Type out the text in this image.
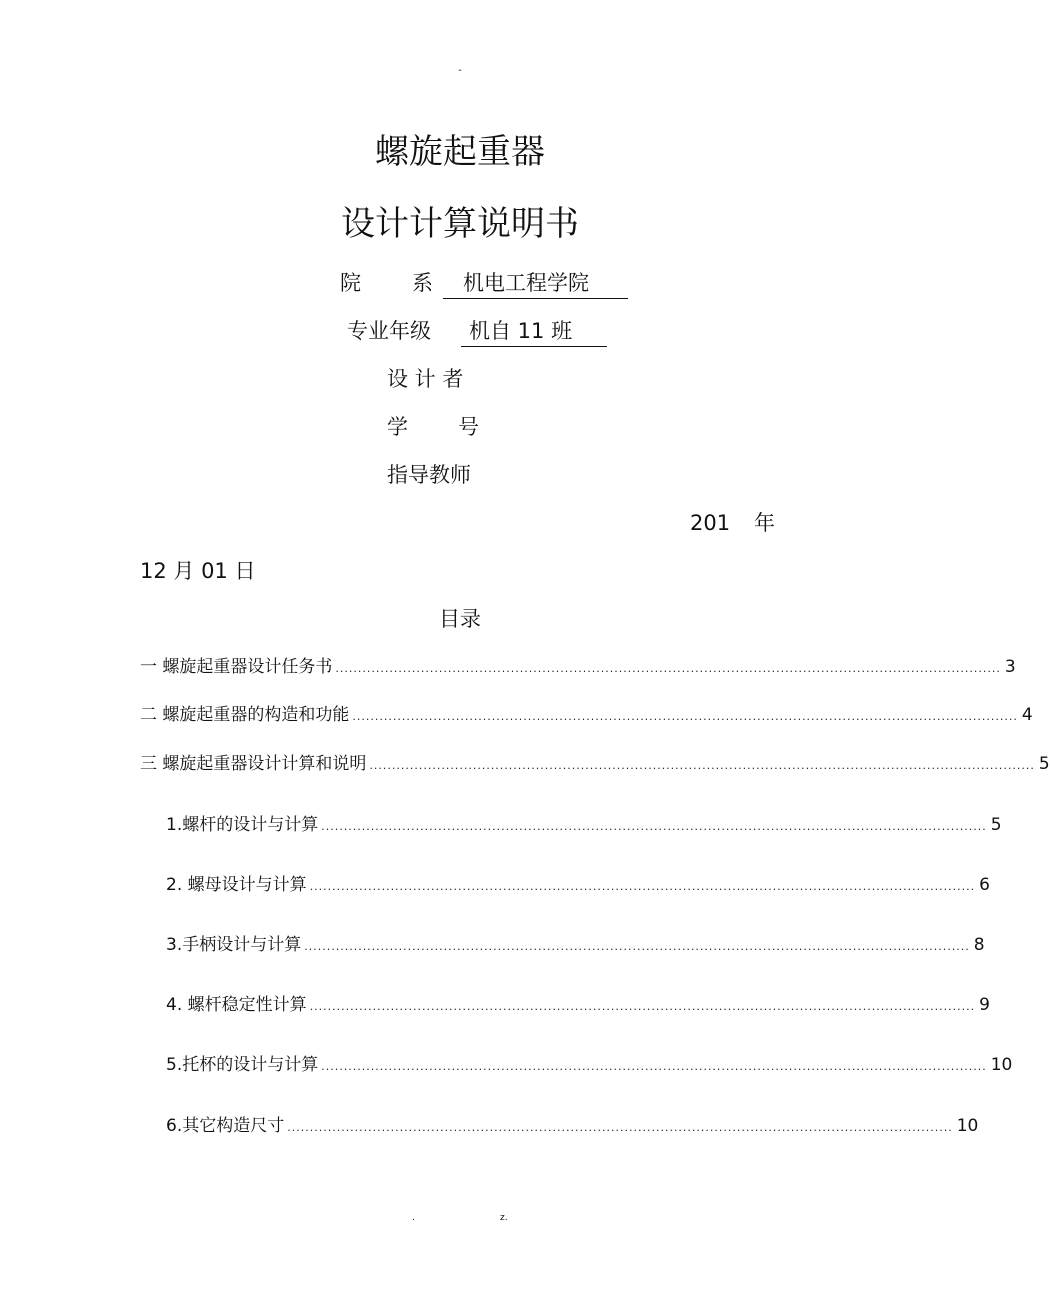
-
螺旋起重器
设计计算说明书
院 系	机电工程学院
专业年级	机自 11 班
设 计 者
学 号
指导教师
201 年
12 月 01 日
目录
一 螺旋起重器设计任务书 .................................................................................................................................................... 3
二 螺旋起重器的构造和功能 .................................................................................................................................................... 4
三 螺旋起重器设计计算和说明 .................................................................................................................................................... 5
1.螺杆的设计与计算 .................................................................................................................................................... 5
2. 螺母设计与计算 .................................................................................................................................................... 6
3.手柄设计与计算 .................................................................................................................................................... 8
4. 螺杆稳定性计算 .................................................................................................................................................... 9
5.托杯的设计与计算 .................................................................................................................................................... 10
6.其它构造尺寸 .................................................................................................................................................... 10
.	z.
